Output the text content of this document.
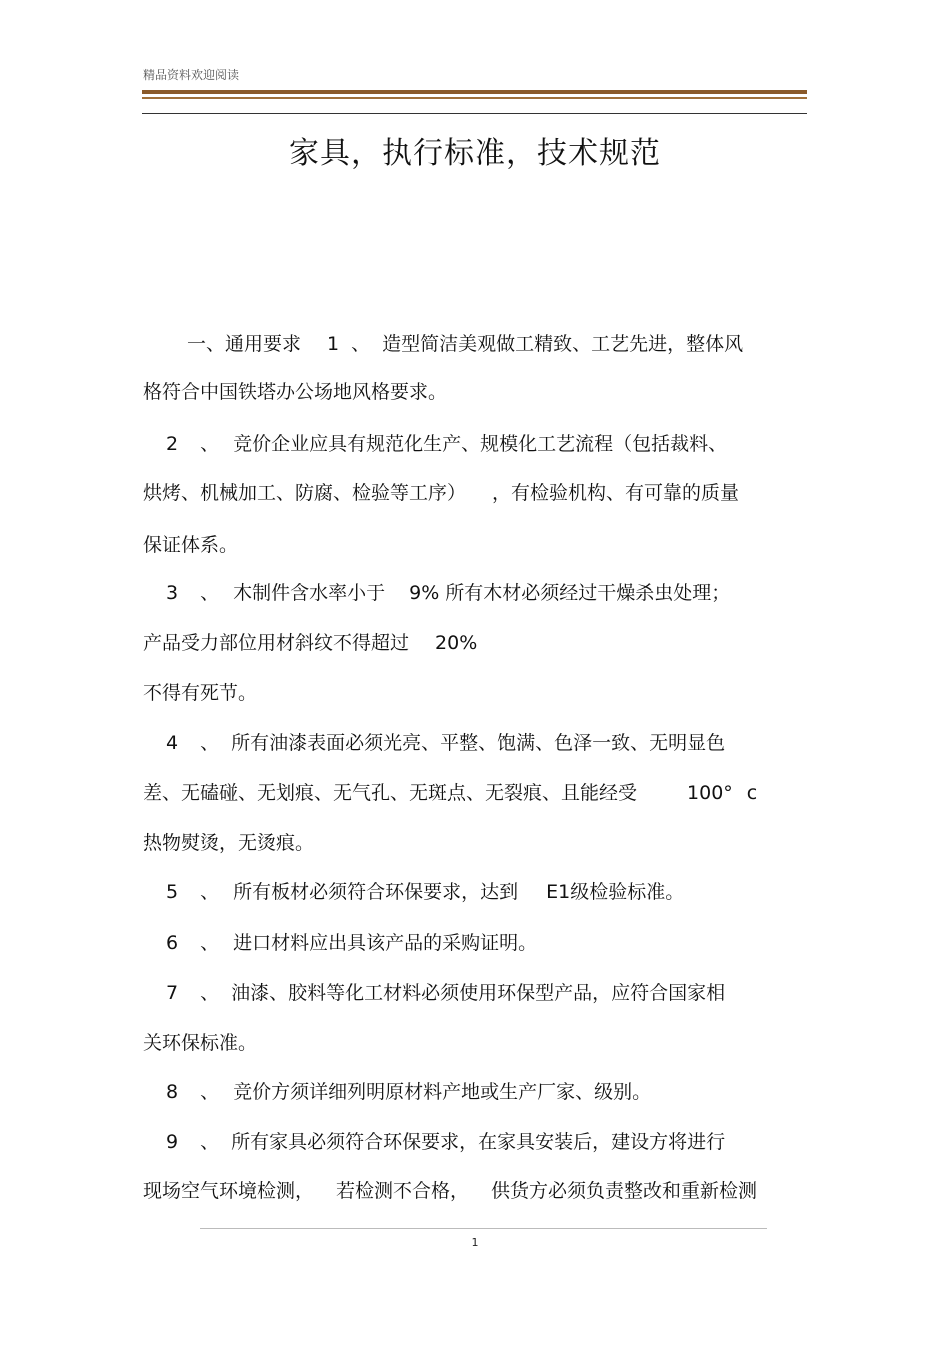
精品资料欢迎阅读
家具，执行标准，技术规范
一、通用要求 1 、 造型简洁美观做工精致、工艺先进，整体风
格符合中国铁塔办公场地风格要求。
2 、 竞价企业应具有规范化生产、规模化工艺流程（包括裁料、
烘烤、机械加工、防腐、检验等工序） ，有检验机构、有可靠的质量
保证体系。
3 、 木制件含水率小于 9% 所有木材必须经过干燥杀虫处理；
产品受力部位用材斜纹不得超过 20%
不得有死节。
4 、 所有油漆表面必须光亮、平整、饱满、色泽一致、无明显色
差、无磕碰、无划痕、无气孔、无斑点、无裂痕、且能经受	100° c
热物熨烫，无烫痕。
5 、 所有板材必须符合环保要求，达到 E1级检验标准。
6 、 进口材料应出具该产品的采购证明。
7 、 油漆、胶料等化工材料必须使用环保型产品，应符合国家相
关环保标准。
8 、 竞价方须详细列明原材料产地或生产厂家、级别。
9 、 所有家具必须符合环保要求，在家具安装后，建设方将进行
现场空气环境检测， 若检测不合格， 供货方必须负责整改和重新检测
1
